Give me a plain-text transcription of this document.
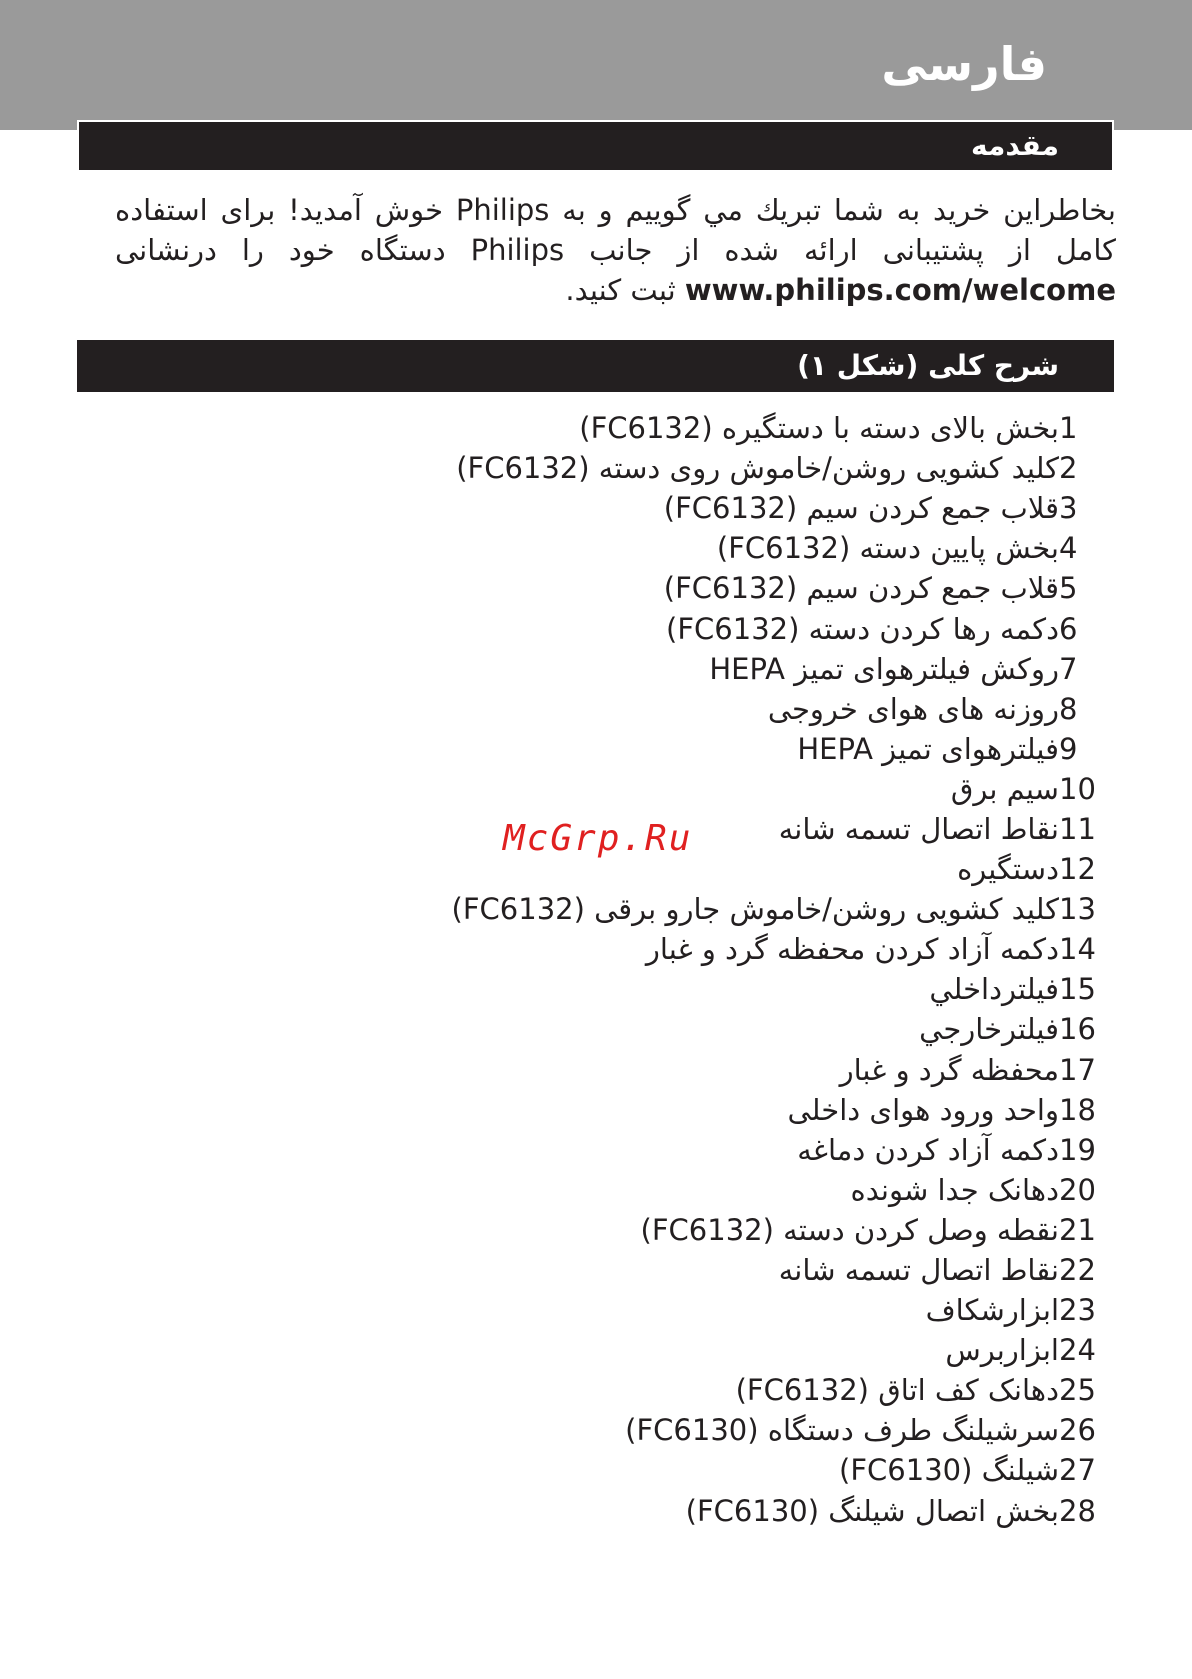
فارسی
مقدمه
بخاطراین خرید به شما تبریك مي گوییم و به Philips خوش آمدید! برای استفاده کامل از پشتیبانی ارائه شده از جانب Philips دستگاه خود را درنشانی www.philips.com/welcome ثبت کنید.
شرح کلی (شکل ۱)
1
بخش بالای دسته با دستگیره (FC6132)
2
کلید کشویی روشن/خاموش روی دسته (FC6132)
3
قلاب جمع کردن سیم (FC6132)
4
بخش پایین دسته (FC6132)
5
قلاب جمع کردن سیم (FC6132)
6
دکمه رها کردن دسته (FC6132)
7
روکش فیلترهوای تمیز HEPA
8
روزنه های هوای خروجی
9
فیلترهوای تمیز HEPA
10
سیم برق
11
نقاط اتصال تسمه شانه
12
دستگیره
13
کلید کشویی روشن/خاموش جارو برقی (FC6132)
14
دکمه آزاد کردن محفظه گرد و غبار
15
فیلترداخلي
16
فیلترخارجي
17
محفظه گرد و غبار
18
واحد ورود هوای داخلی
19
دکمه آزاد کردن دماغه
20
دهانک جدا شونده
21
نقطه وصل کردن دسته (FC6132)
22
نقاط اتصال تسمه شانه
23
ابزارشکاف
24
ابزاربرس
25
دهانک کف اتاق (FC6132)
26
سرشیلنگ طرف دستگاه (FC6130)
27
شیلنگ (FC6130)
28
بخش اتصال شیلنگ (FC6130)
McGrp.Ru
